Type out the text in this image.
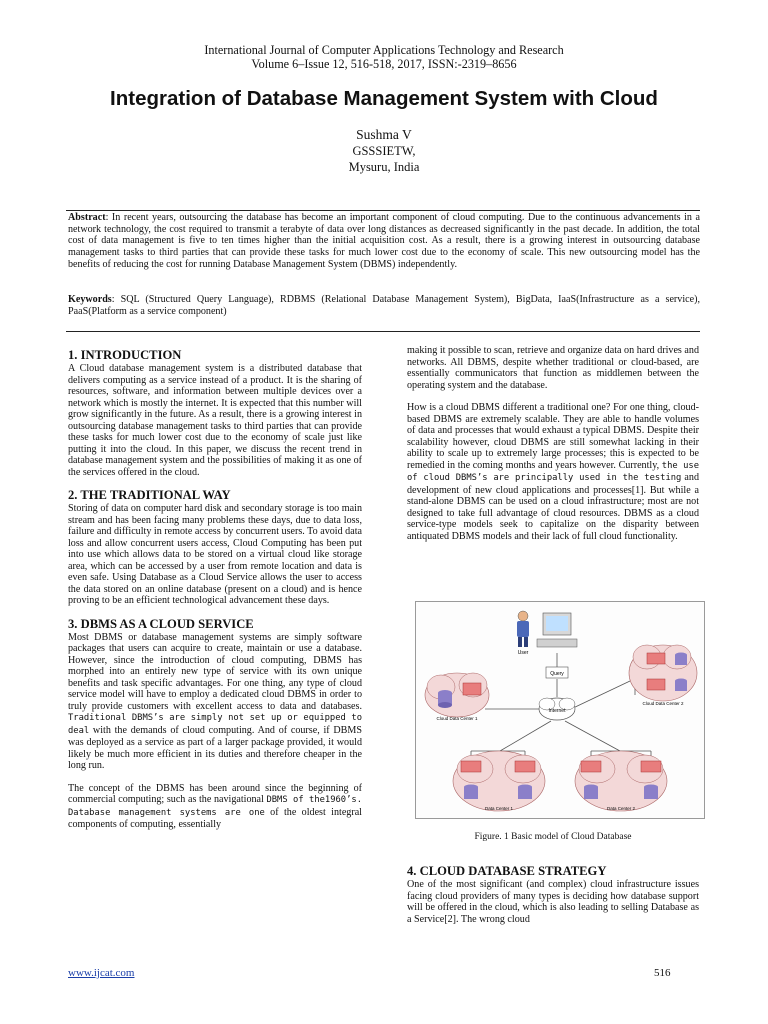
International Journal of Computer Applications Technology and Research
Volume 6–Issue 12, 516-518, 2017, ISSN:-2319–8656
Integration of Database Management System with Cloud
Sushma V
GSSSIETW,
Mysuru, India
Abstract: In recent years, outsourcing the database has become an important component of cloud computing. Due to the continuous advancements in a network technology, the cost required to transmit a terabyte of data over long distances as decreased significantly in the past decade. In addition, the total cost of data management is five to ten times higher than the initial acquisition cost. As a result, there is a growing interest in outsourcing database management tasks to third parties that can provide these tasks for much lower cost due to the economy of scale. This new outsourcing model has the benefits of reducing the cost for running Database Management System (DBMS) independently.
Keywords: SQL (Structured Query Language), RDBMS (Relational Database Management System), BigData, IaaS(Infrastructure as a service), PaaS(Platform as a service component)
1. INTRODUCTION

A Cloud database management system is a distributed database that delivers computing as a service instead of a product. It is the sharing of resources, software, and information between multiple devices over a network which is mostly the internet. It is expected that this number will grow significantly in the future. As a result, there is a growing interest in outsourcing database management tasks to third parties that can provide these tasks for much lower cost due to the economy of scale just like putting it into the cloud. In this paper, we discuss the recent trend in database management system and the possibilities of making it as one of the services offered in the cloud.

2. THE TRADITIONAL WAY

Storing of data on computer hard disk and secondary storage is too main stream and has been facing many problems these days, due to data loss, failure and difficulty in remote access by concurrent users. To avoid data loss and allow concurrent users access, Cloud Computing has been put into use which allows data to be stored on a virtual cloud like storage area, which can be accessed by a user from remote location and data is even safe. Using Database as a Cloud Service allows the user to access the data stored on an online database (present on a cloud) and is hence proving to be an efficient technological advancement these days.

3. DBMS AS A CLOUD SERVICE

Most DBMS or database management systems are simply software packages that users can acquire to create, maintain or use a database. However, since the introduction of cloud computing, DBMS has morphed into an entirely new type of service with its own unique benefits and task specific advantages. For one thing, any type of cloud service model will have to employ a dedicated cloud DBMS in order to truly provide customers with excellent access to data and databases. Traditional DBMS’s are simply not set up or equipped to deal with the demands of cloud computing. And of course, if DBMS was deployed as a service as part of a larger package provided, it would likely be much more efficient in its duties and therefore cheaper in the long run.

The concept of the DBMS has been around since the beginning of commercial computing; such as the navigational DBMS of the1960’s. Database management systems are one of the oldest integral components of computing, essentially

making it possible to scan, retrieve and organize data on hard drives and networks. All DBMS, despite whether traditional or cloud-based, are essentially communicators that function as middlemen between the operating system and the database.

How is a cloud DBMS different a traditional one? For one thing, cloud-based DBMS are extremely scalable. They are able to handle volumes of data and processes that would exhaust a typical DBMS. Despite their scalability however, cloud DBMS are still somewhat lacking in their ability to scale up to extremely large processes; this is expected to be remedied in the coming months and years however. Currently, the use of cloud DBMS’s are principally used in the testing and development of new cloud applications and processes[1]. But while a stand-alone DBMS can be used on a cloud infrastructure; most are not designed to take full advantage of cloud resources. DBMS as a cloud service-type models seek to capitalize on the disparity between antiquated DBMS models and their lack of full cloud functionality.

User
Query
Internet
Cloud Data Center 1
Cloud Data Center 2
Data Center 1	Data Center 2
Figure. 1 Basic model of Cloud Database
4. CLOUD DATABASE STRATEGY

One of the most significant (and complex) cloud infrastructure issues facing cloud providers of many types is deciding how database support will be offered in the cloud, which is also leading to selling Database as a Service[2]. The wrong cloud

www.ijcat.com	516
